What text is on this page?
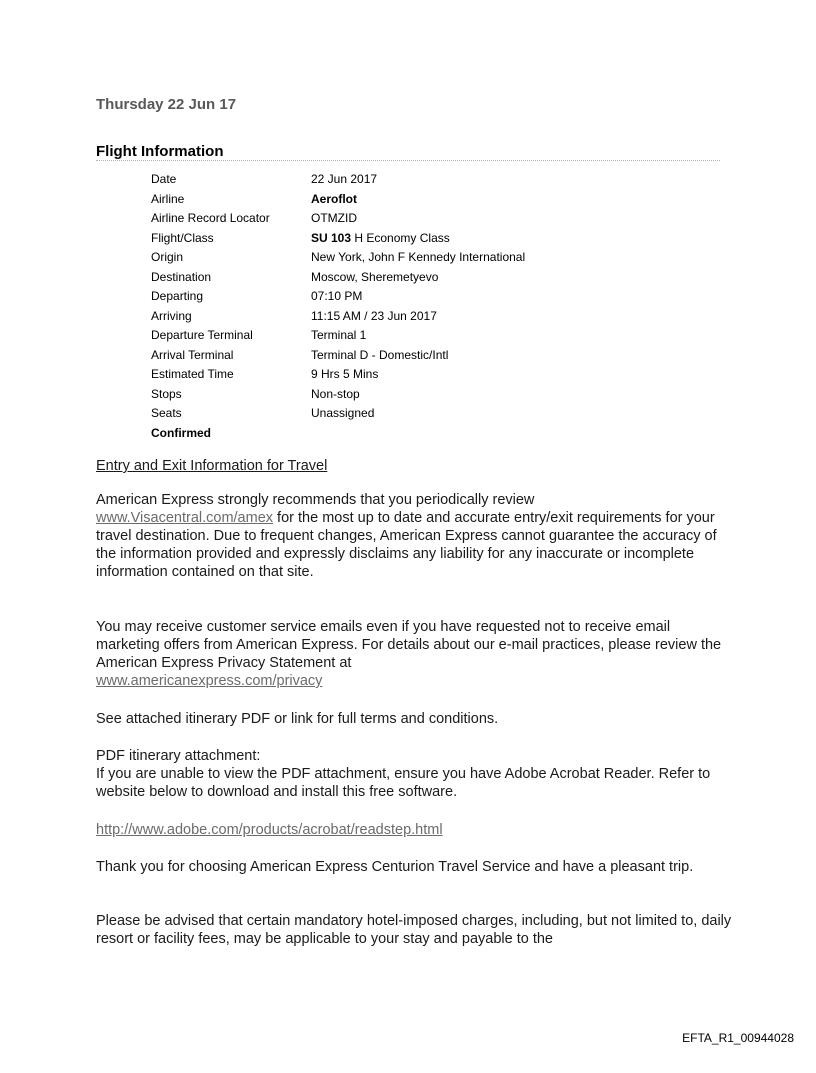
Thursday 22 Jun 17
Flight Information
Date	22 Jun 2017
Airline	Aeroflot
Airline Record Locator	OTMZID
Flight/Class	SU 103 H Economy Class
Origin	New York, John F Kennedy International
Destination	Moscow, Sheremetyevo
Departing	07:10 PM
Arriving	11:15 AM / 23 Jun 2017
Departure Terminal	Terminal 1
Arrival Terminal	Terminal D - Domestic/Intl
Estimated Time	9 Hrs 5 Mins
Stops	Non-stop
Seats	Unassigned
Confirmed	
Entry and Exit Information for Travel
American Express strongly recommends that you periodically review
www.Visacentral.com/amex for the most up to date and accurate entry/exit requirements for your travel destination. Due to frequent changes, American Express cannot guarantee the accuracy of the information provided and expressly disclaims any liability for any inaccurate or incomplete information contained on that site.
You may receive customer service emails even if you have requested not to receive email marketing offers from American Express. For details about our e-mail practices, please review the American Express Privacy Statement at
www.americanexpress.com/privacy
See attached itinerary PDF or link for full terms and conditions.
PDF itinerary attachment:
If you are unable to view the PDF attachment, ensure you have Adobe Acrobat Reader. Refer to website below to download and install this free software.
http://www.adobe.com/products/acrobat/readstep.html
Thank you for choosing American Express Centurion Travel Service and have a pleasant trip.
Please be advised that certain mandatory hotel-imposed charges, including, but not limited to, daily resort or facility fees, may be applicable to your stay and payable to the
EFTA_R1_00944028
